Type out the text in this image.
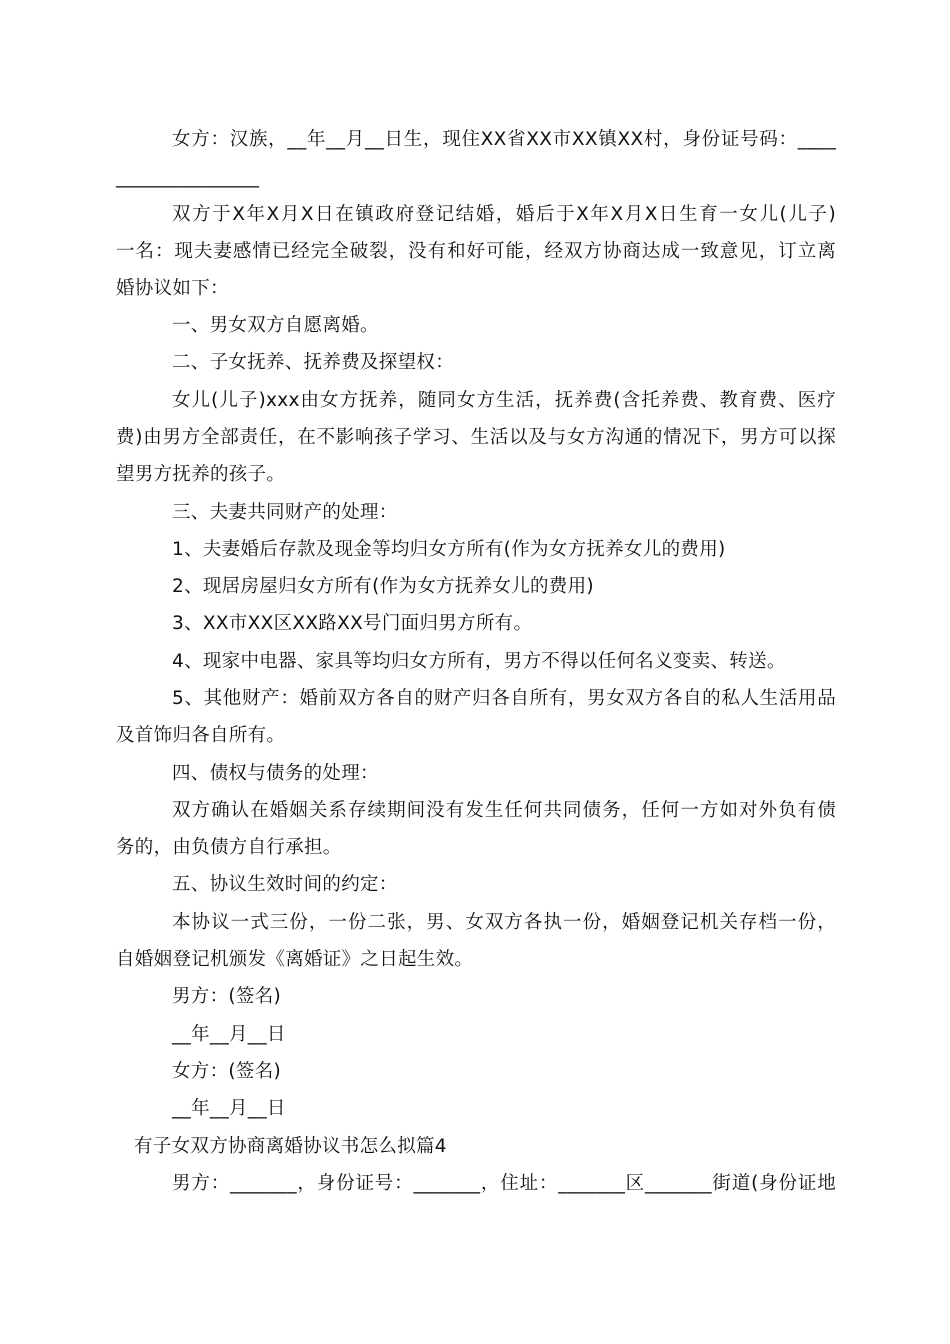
女方：汉族，__年__月__日生，现住XX省XX市XX镇XX村，身份证号码：____
_______________
双方于X年X月X日在镇政府登记结婚，婚后于X年X月X日生育一女儿(儿子)
一名：现夫妻感情已经完全破裂，没有和好可能，经双方协商达成一致意见，订立离
婚协议如下：
一、男女双方自愿离婚。
二、子女抚养、抚养费及探望权：
女儿(儿子)xxx由女方抚养，随同女方生活，抚养费(含托养费、教育费、医疗
费)由男方全部责任，在不影响孩子学习、生活以及与女方沟通的情况下，男方可以探
望男方抚养的孩子。
三、夫妻共同财产的处理：
1、夫妻婚后存款及现金等均归女方所有(作为女方抚养女儿的费用)
2、现居房屋归女方所有(作为女方抚养女儿的费用)
3、XX市XX区XX路XX号门面归男方所有。
4、现家中电器、家具等均归女方所有，男方不得以任何名义变卖、转送。
5、其他财产：婚前双方各自的财产归各自所有，男女双方各自的私人生活用品
及首饰归各自所有。
四、债权与债务的处理：
双方确认在婚姻关系存续期间没有发生任何共同债务，任何一方如对外负有债
务的，由负债方自行承担。
五、协议生效时间的约定：
本协议一式三份，一份二张，男、女双方各执一份，婚姻登记机关存档一份，
自婚姻登记机颁发《离婚证》之日起生效。
男方：(签名)
__年__月__日
女方：(签名)
__年__月__日
有子女双方协商离婚协议书怎么拟篇4
男方：_______，身份证号：_______，住址：_______区_______街道(身份证地
